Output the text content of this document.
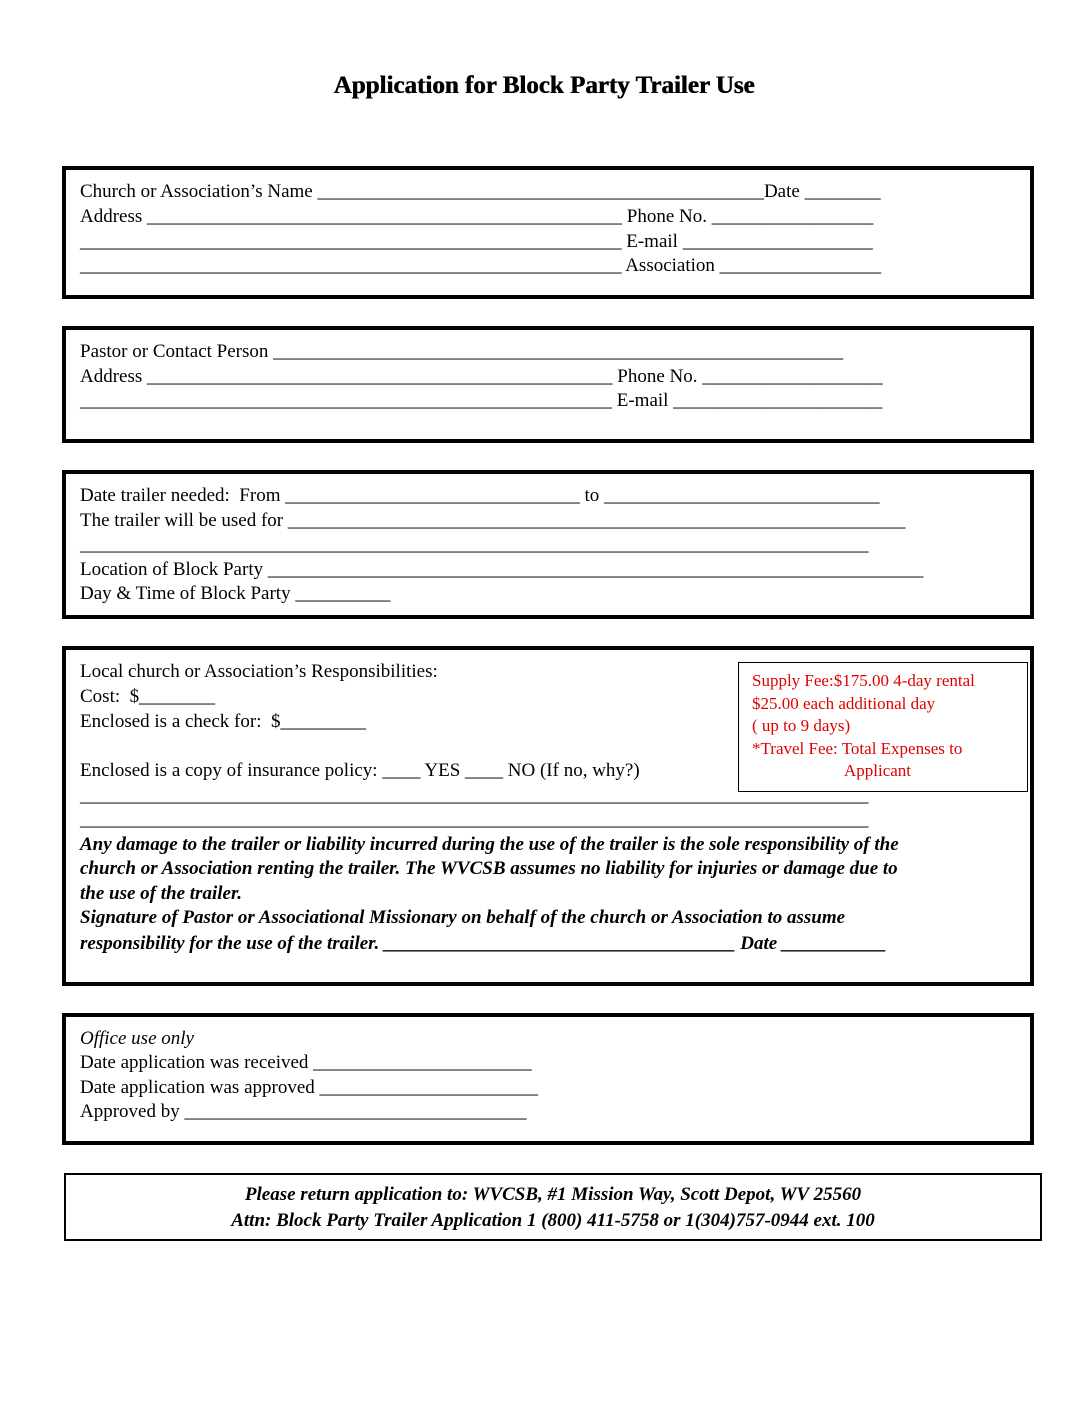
Application for Block Party Trailer Use
Church or Association’s Name _______________________________________________Date ________
Address __________________________________________________ Phone No. _________________
_________________________________________________________ E-mail ____________________
_________________________________________________________ Association _________________
Pastor or Contact Person ____________________________________________________________
Address _________________________________________________ Phone No. ___________________
________________________________________________________ E-mail ______________________
Date trailer needed:  From _______________________________ to _____________________________
The trailer will be used for _________________________________________________________________
___________________________________________________________________________________
Location of Block Party _____________________________________________________________________
Day & Time of Block Party __________
Local church or Association’s Responsibilities:
Cost:  $________
Enclosed is a check for:  $_________
Enclosed is a copy of insurance policy: ____ YES ____ NO (If no, why?)
___________________________________________________________________________________
___________________________________________________________________________________
Any damage to the trailer or liability incurred during the use of the trailer is the sole responsibility of the
church or Association renting the trailer. The WVCSB assumes no liability for injuries or damage due to
the use of the trailer.
Signature of Pastor or Associational Missionary on behalf of the church or Association to assume
responsibility for the use of the trailer. _____________________________________ Date ___________
Supply Fee:$175.00 4-day rental
$25.00 each additional day
( up to 9 days)
*Travel Fee: Total Expenses to
Applicant
Office use only
Date application was received _______________________
Date application was approved _______________________
Approved by ____________________________________
Please return application to: WVCSB, #1 Mission Way, Scott Depot, WV 25560
Attn: Block Party Trailer Application 1 (800) 411-5758 or 1(304)757-0944 ext. 100
